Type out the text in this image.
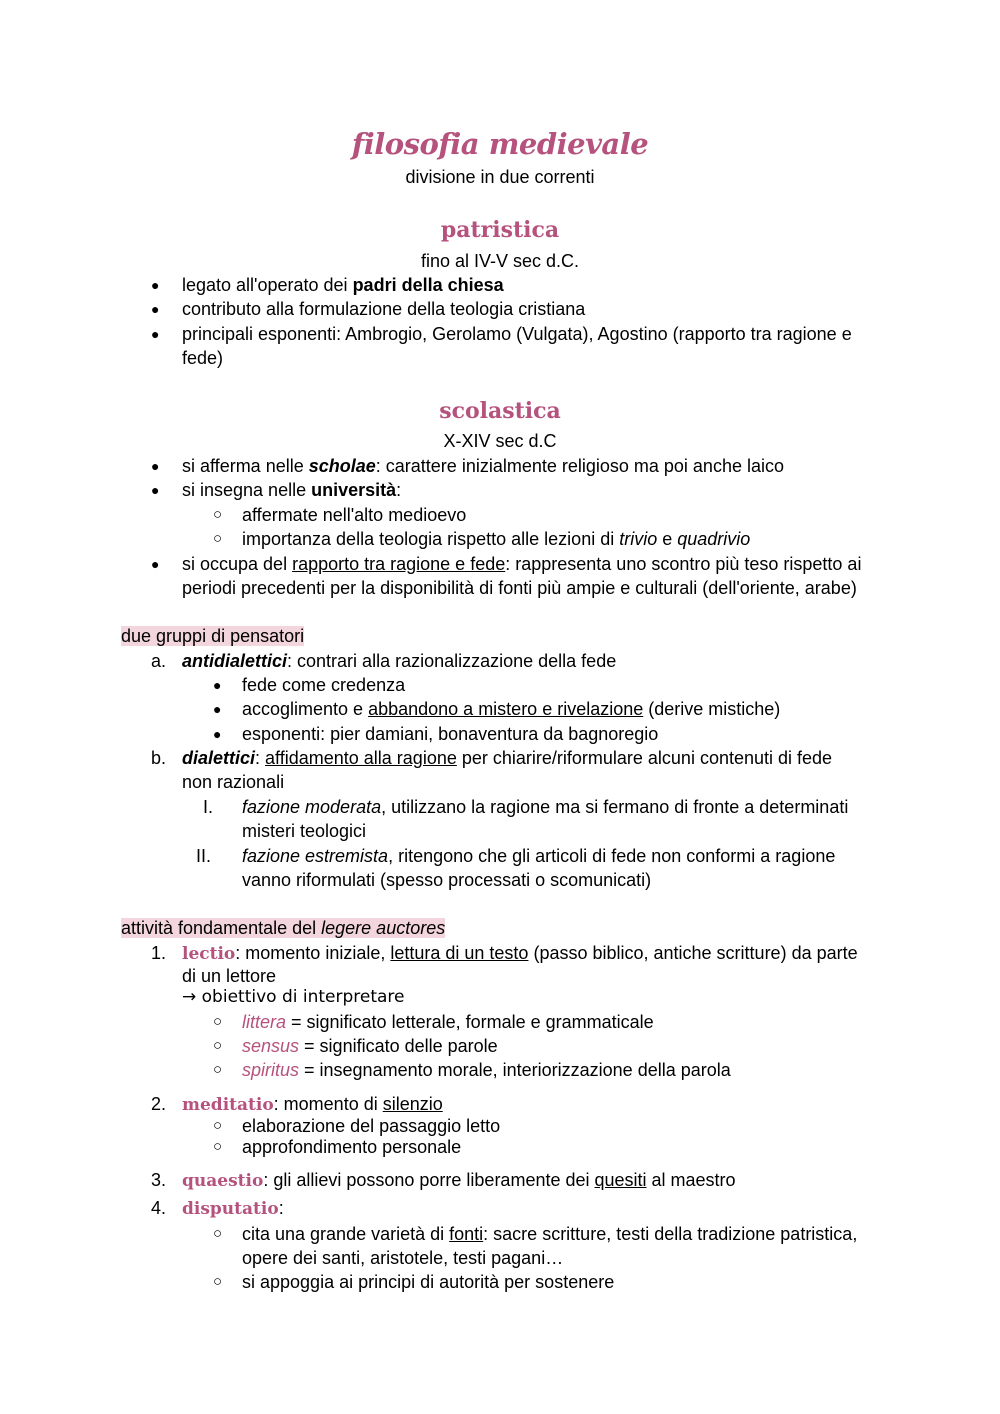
filosofia medievale
divisione in due correnti
patristica
fino al IV-V sec d.C.
● legato all'operato dei padri della chiesa
● contributo alla formulazione della teologia cristiana
● principali esponenti: Ambrogio, Gerolamo (Vulgata), Agostino (rapporto tra ragione e
fede)
scolastica
X-XIV sec d.C
● si afferma nelle scholae: carattere inizialmente religioso ma poi anche laico
● si insegna nelle università:
○ affermate nell'alto medioevo
○ importanza della teologia rispetto alle lezioni di trivio e quadrivio
● si occupa del rapporto tra ragione e fede: rappresenta uno scontro più teso rispetto ai
periodi precedenti per la disponibilità di fonti più ampie e culturali (dell'oriente, arabe)
due gruppi di pensatori
a. antidialettici: contrari alla razionalizzazione della fede
● fede come credenza
● accoglimento e abbandono a mistero e rivelazione (derive mistiche)
● esponenti: pier damiani, bonaventura da bagnoregio
b. dialettici: affidamento alla ragione per chiarire/riformulare alcuni contenuti di fede
non razionali
I. fazione moderata, utilizzano la ragione ma si fermano di fronte a determinati
misteri teologici
II. fazione estremista, ritengono che gli articoli di fede non conformi a ragione
vanno riformulati (spesso processati o scomunicati)
attività fondamentale del legere auctores
1. lectio: momento iniziale, lettura di un testo (passo biblico, antiche scritture) da parte
di un lettore
→ obiettivo di interpretare
○ littera = significato letterale, formale e grammaticale
○ sensus = significato delle parole
○ spiritus = insegnamento morale, interiorizzazione della parola
2. meditatio: momento di silenzio
○ elaborazione del passaggio letto
○ approfondimento personale
3. quaestio: gli allievi possono porre liberamente dei quesiti al maestro
4. disputatio:
○ cita una grande varietà di fonti: sacre scritture, testi della tradizione patristica,
opere dei santi, aristotele, testi pagani…
○ si appoggia ai principi di autorità per sostenere
